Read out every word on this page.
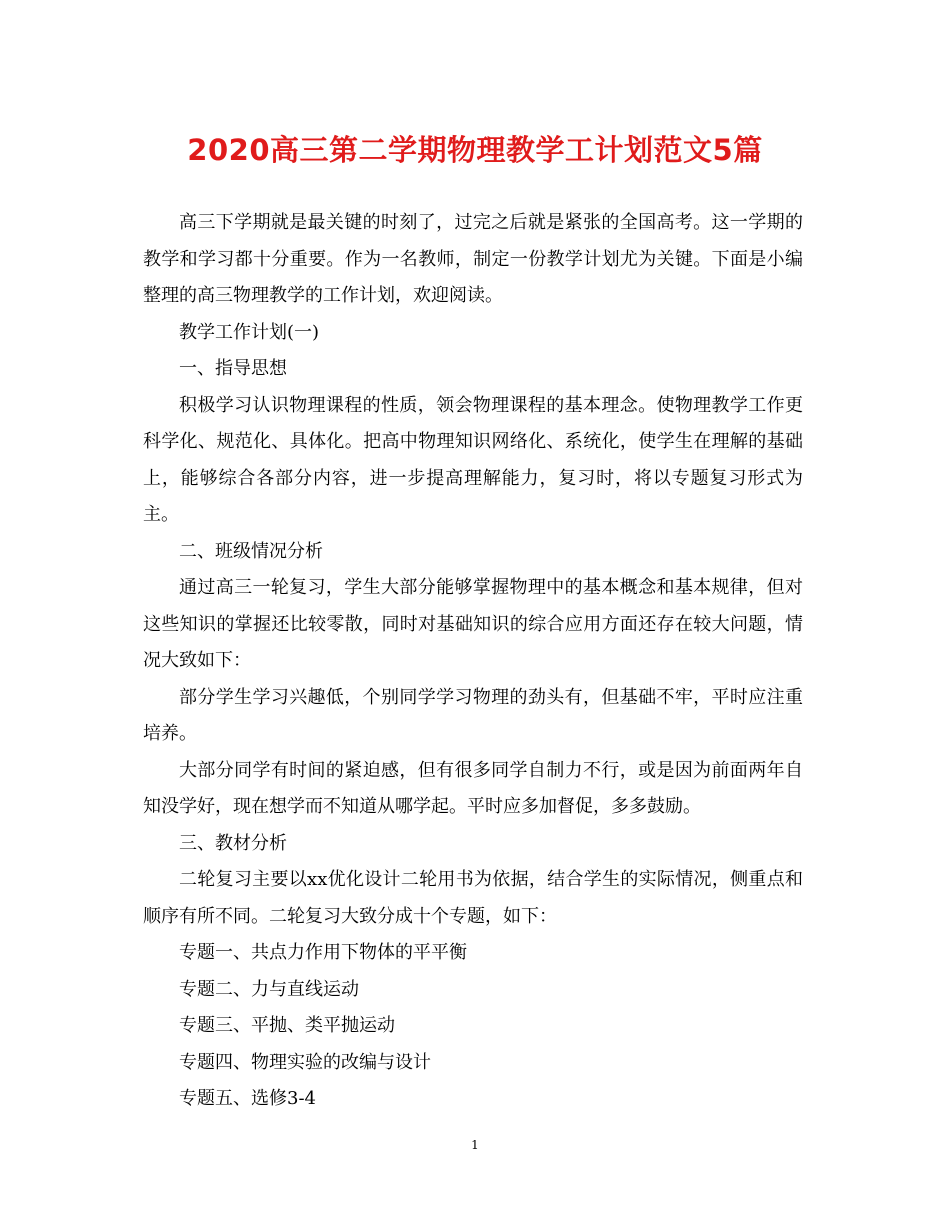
2020高三第二学期物理教学工计划范文5篇

高三下学期就是最关键的时刻了，过完之后就是紧张的全国高考。这一学期的教学和学习都十分重要。作为一名教师，制定一份教学计划尤为关键。下面是小编整理的高三物理教学的工作计划，欢迎阅读。

教学工作计划(一)

一、指导思想

积极学习认识物理课程的性质，领会物理课程的基本理念。使物理教学工作更科学化、规范化、具体化。把高中物理知识网络化、系统化，使学生在理解的基础上，能够综合各部分内容，进一步提高理解能力，复习时，将以专题复习形式为主。

二、班级情况分析

通过高三一轮复习，学生大部分能够掌握物理中的基本概念和基本规律，但对这些知识的掌握还比较零散，同时对基础知识的综合应用方面还存在较大问题，情况大致如下：

部分学生学习兴趣低，个别同学学习物理的劲头有，但基础不牢，平时应注重培养。

大部分同学有时间的紧迫感，但有很多同学自制力不行，或是因为前面两年自知没学好，现在想学而不知道从哪学起。平时应多加督促，多多鼓励。

三、教材分析

二轮复习主要以xx优化设计二轮用书为依据，结合学生的实际情况，侧重点和顺序有所不同。二轮复习大致分成十个专题，如下：

专题一、共点力作用下物体的平平衡

专题二、力与直线运动

专题三、平抛、类平抛运动

专题四、物理实验的改编与设计

专题五、选修3-4

1
